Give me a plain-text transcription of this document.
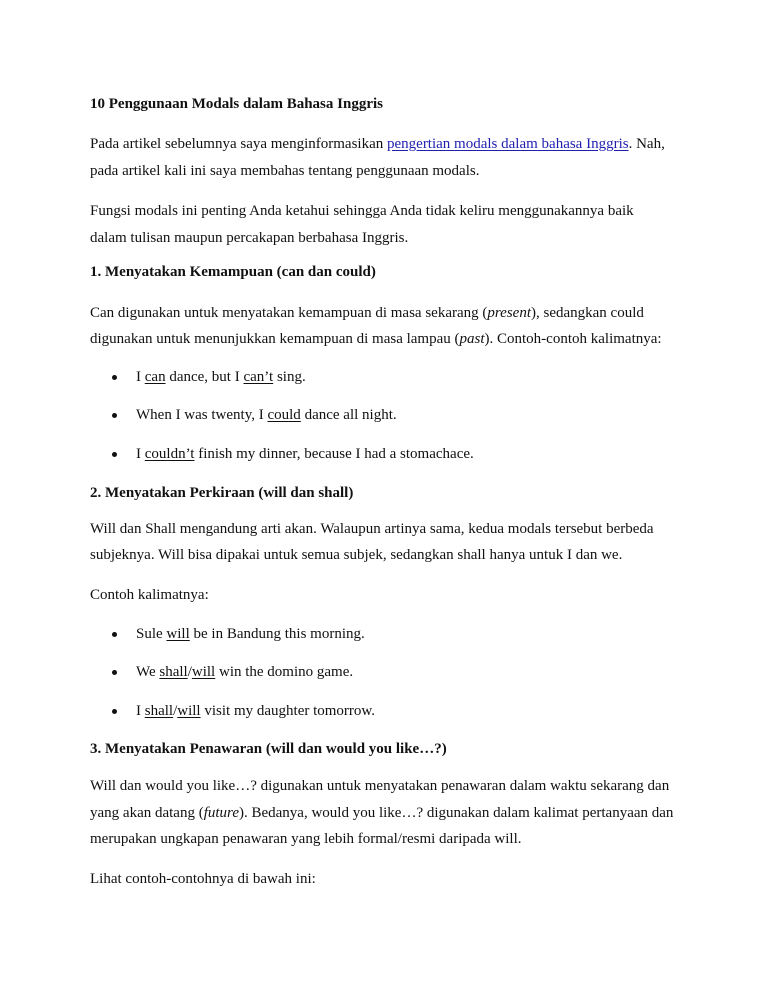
10 Penggunaan Modals dalam Bahasa Inggris
Pada artikel sebelumnya saya menginformasikan pengertian modals dalam bahasa Inggris. Nah,
pada artikel kali ini saya membahas tentang penggunaan modals.
Fungsi modals ini penting Anda ketahui sehingga Anda tidak keliru menggunakannya baik
dalam tulisan maupun percakapan berbahasa Inggris.
1. Menyatakan Kemampuan (can dan could)
Can digunakan untuk menyatakan kemampuan di masa sekarang (present), sedangkan could
digunakan untuk menunjukkan kemampuan di masa lampau (past). Contoh-contoh kalimatnya:
I can dance, but I can’t sing.
When I was twenty, I could dance all night.
I couldn’t finish my dinner, because I had a stomachace.
2. Menyatakan Perkiraan (will dan shall)
Will dan Shall mengandung arti akan. Walaupun artinya sama, kedua modals tersebut berbeda
subjeknya. Will bisa dipakai untuk semua subjek, sedangkan shall hanya untuk I dan we.
Contoh kalimatnya:
Sule will be in Bandung this morning.
We shall/will win the domino game.
I shall/will visit my daughter tomorrow.
3. Menyatakan Penawaran (will dan would you like…?)
Will dan would you like…? digunakan untuk menyatakan penawaran dalam waktu sekarang dan
yang akan datang (future). Bedanya, would you like…? digunakan dalam kalimat pertanyaan dan
merupakan ungkapan penawaran yang lebih formal/resmi daripada will.
Lihat contoh-contohnya di bawah ini:
